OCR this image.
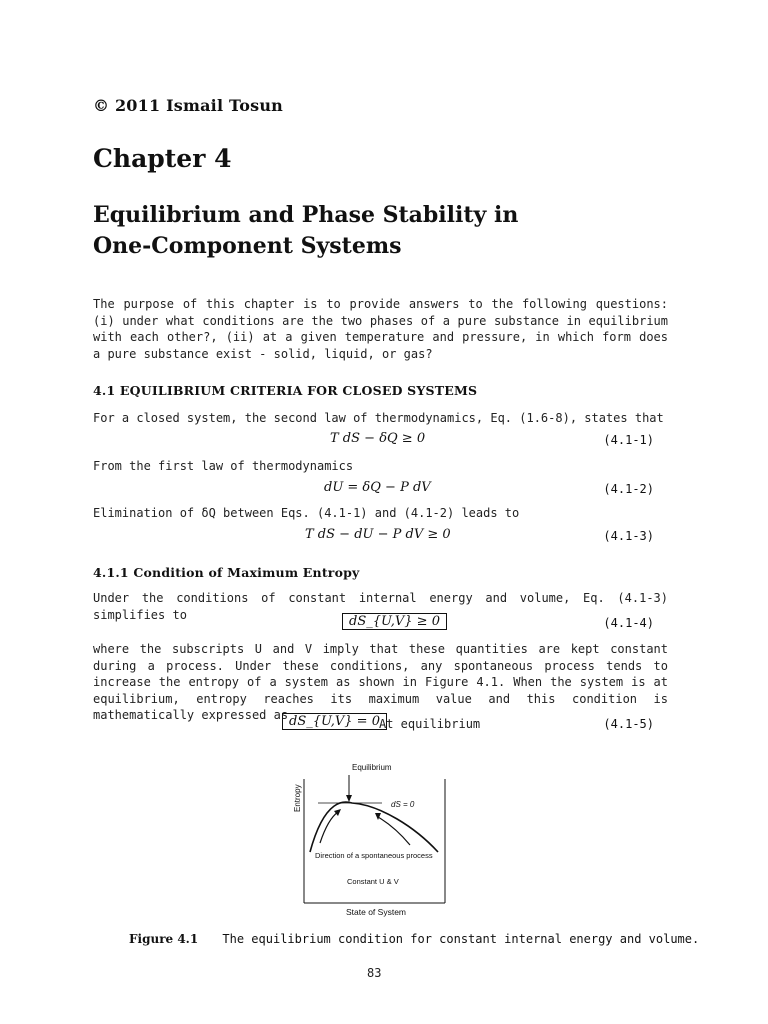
© 2011 Ismail Tosun
Chapter 4
Equilibrium and Phase Stability in
One-Component Systems
The purpose of this chapter is to provide answers to the following questions: (i) under what conditions are the two phases of a pure substance in equilibrium with each other?, (ii) at a given temperature and pressure, in which form does a pure substance exist - solid, liquid, or gas?
4.1 EQUILIBRIUM CRITERIA FOR CLOSED SYSTEMS
For a closed system, the second law of thermodynamics, Eq. (1.6-8), states that
T dS − δQ ≥ 0	(4.1-1)
From the first law of thermodynamics
dU = δQ − P dV	(4.1-2)
Elimination of δQ between Eqs. (4.1-1) and (4.1-2) leads to
T dS − dU − P dV ≥ 0	(4.1-3)
4.1.1 Condition of Maximum Entropy
Under the conditions of constant internal energy and volume, Eq. (4.1-3) simplifies to	dS_{U,V} ≥ 0	(4.1-4)
where the subscripts U and V imply that these quantities are kept constant during a process. Under these conditions, any spontaneous process tends to increase the entropy of a system as shown in Figure 4.1. When the system is at equilibrium, entropy reaches its maximum value and this condition is mathematically expressed as dS_{U,V} = 0 At equilibrium	(4.1-5)
Equilibrium
Entropy	dS = 0
Direction of a spontaneous process
Constant U & V
State of System
Figure 4.1 The equilibrium condition for constant internal energy and volume.
83
